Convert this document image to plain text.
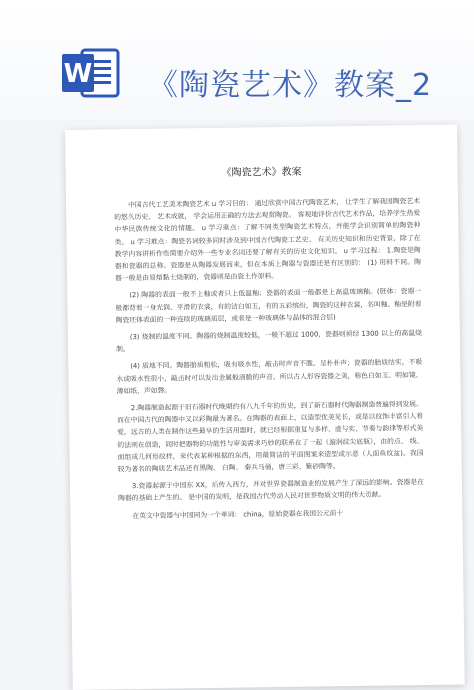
W 《陶瓷艺术》教案_2
《陶瓷艺术》教案

中国古代工艺美术陶瓷艺术 u 学习目的： 通过欣赏中国古代陶瓷艺术， 让学生了解我国陶瓷艺术的悠久历史、 艺术成就， 学会运用正确的方法去观赏陶瓷。 客观地评价古代艺术作品，培养学生热爱中华民族传统文化的情趣。 u 学习重点：了解不同类型陶瓷艺术特点，并能学会识别简单的陶瓷种类。 u 学习难点：陶瓷名词较多同时涉及到中国古代陶瓷工艺史、 有关历史知识和历史背景，除了在教学内容讲析作些简要介绍外一些专业名词还要了解有关的历史文化知识。 u 学习过程： 1.陶瓷是陶器和瓷器的总称。瓷器是从陶器发展而来，但在本质上陶器与瓷器还是有区别的： (1) 用料不同。陶器一般是由易熔黏土烧制的，瓷器则是由瓷土作原料。

(2) 陶器的表面一般不上釉或者只上低温釉；瓷器的表面一般都是上高温玻璃釉。(胚体：瓷器一般都背着一身光润、平滑的衣裳，有的洁白如玉，有的五彩缤纷，陶瓷的这种衣裳，名叫釉。釉是附着陶瓷坯体表面的一种连续的玻璃质层，或者是一种玻璃体与晶体的混合层)

(3) 烧制的温度不同。陶器的烧制温度较低，一般不超过 1000，瓷器则须经 1300 以上的高温烧制。

(4) 质地不同。陶器胎质粗松，吸有吸水性，敲击时声音不脆。呈朴朴声；瓷器的胎质结实，不吸水或吸水性很小，敲击时可以发出金属般清脆的声音。所以古人形容瓷器之美，称色白如玉、明如镜、薄如纸、声如磬。

2.陶器制造起源于旧石器时代晚期约有八九千年的历史，到了新石器时代陶器制造普遍得到发展。而在中国古代的陶器中又以彩陶最为著名。在陶器的表面上，以造型优美见长，或是以纹饰丰富引人着爱。远古的人类在制作这些最早的生活用器时，就已经根据重复与多样、虚与实、节奏与韵律等形式美的法则在创造，同时把器物的功能性与审美需求巧妙的联系在了一起（漩涡纹尖底瓶），由的点、 线、面组成几何形纹样，来代表某种根据的东西，用最简洁的平面图案来造型或示意（人面鱼纹盆)。我国较为著名的陶质艺术品还有黑陶、 白陶、 秦兵马俑，唐三彩、紫砂陶等。

3.瓷器起源于中国东 XX，后传入西方，并对世界瓷器制造业的发展产生了深远的影响。瓷器是在陶器的基础上产生的。 是中国的发明，是我国古代劳动人民对世界物质文明的伟大贡献。

在英文中瓷器与中国同为一个单词： china，原始瓷器在我国公元前十
